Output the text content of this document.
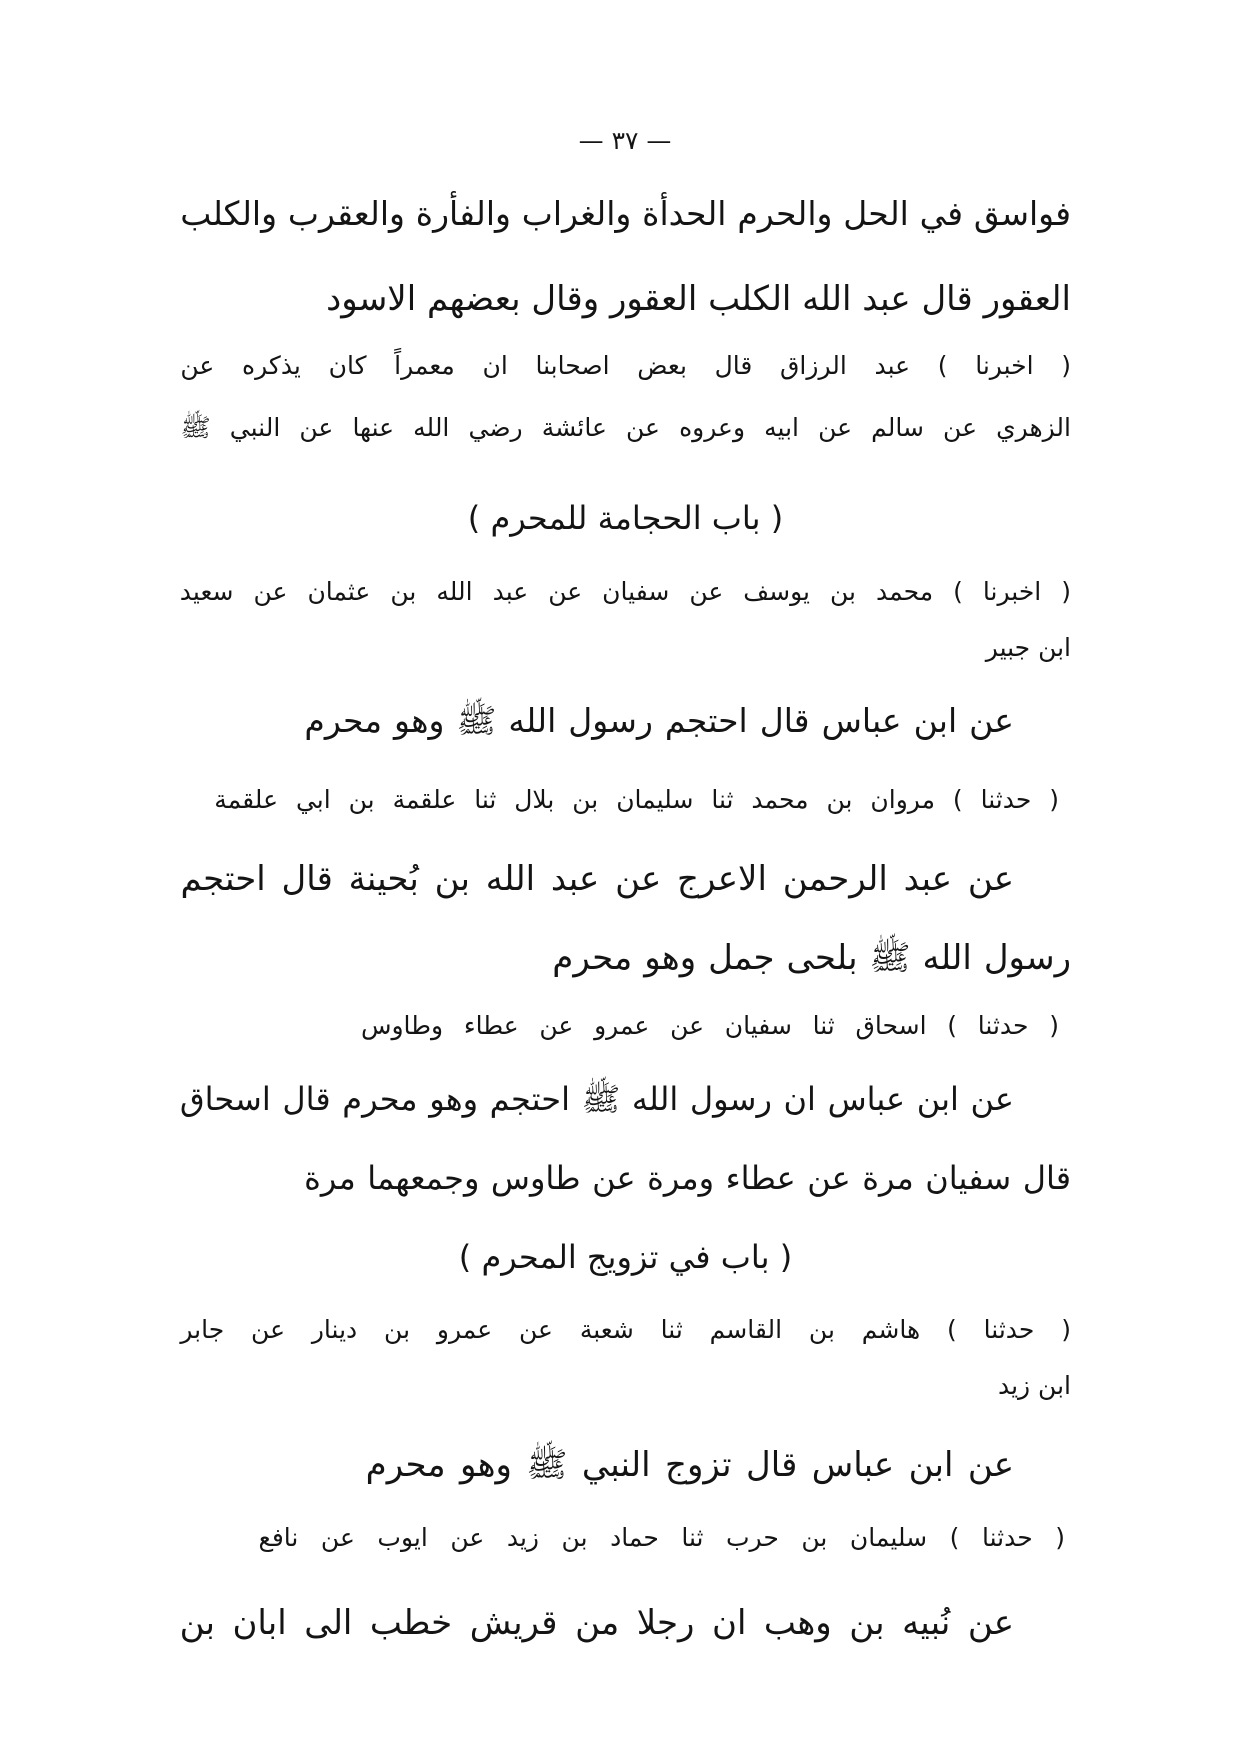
— ٣٧ —
فواسق في الحل والحرم الحدأة والغراب والفأرة والعقرب والكلب
العقور قال عبد الله الكلب العقور وقال بعضهم الاسود
( اخبرنا ) عبد الرزاق قال بعض اصحابنا ان معمراً كان يذكره عن
الزهري عن سالم عن ابيه وعروه عن عائشة رضي الله عنها عن النبي ﷺ
( باب الحجامة للمحرم )
( اخبرنا ) محمد بن يوسف عن سفيان عن عبد الله بن عثمان عن سعيد
ابن جبير
عن ابن عباس قال احتجم رسول الله ﷺ وهو محرم
( حدثنا ) مروان بن محمد ثنا سليمان بن بلال ثنا علقمة بن ابي علقمة
عن عبد الرحمن الاعرج عن عبد الله بن بُحينة قال احتجم
رسول الله ﷺ بلحى جمل وهو محرم
( حدثنا ) اسحاق ثنا سفيان عن عمرو عن عطاء وطاوس
عن ابن عباس ان رسول الله ﷺ احتجم وهو محرم قال اسحاق
قال سفيان مرة عن عطاء ومرة عن طاوس وجمعهما مرة
( باب في تزويج المحرم )
( حدثنا ) هاشم بن القاسم ثنا شعبة عن عمرو بن دينار عن جابر
ابن زيد
عن ابن عباس قال تزوج النبي ﷺ وهو محرم
( حدثنا ) سليمان بن حرب ثنا حماد بن زيد عن ايوب عن نافع
عن نُبيه بن وهب ان رجلا من قريش خطب الى ابان بن
